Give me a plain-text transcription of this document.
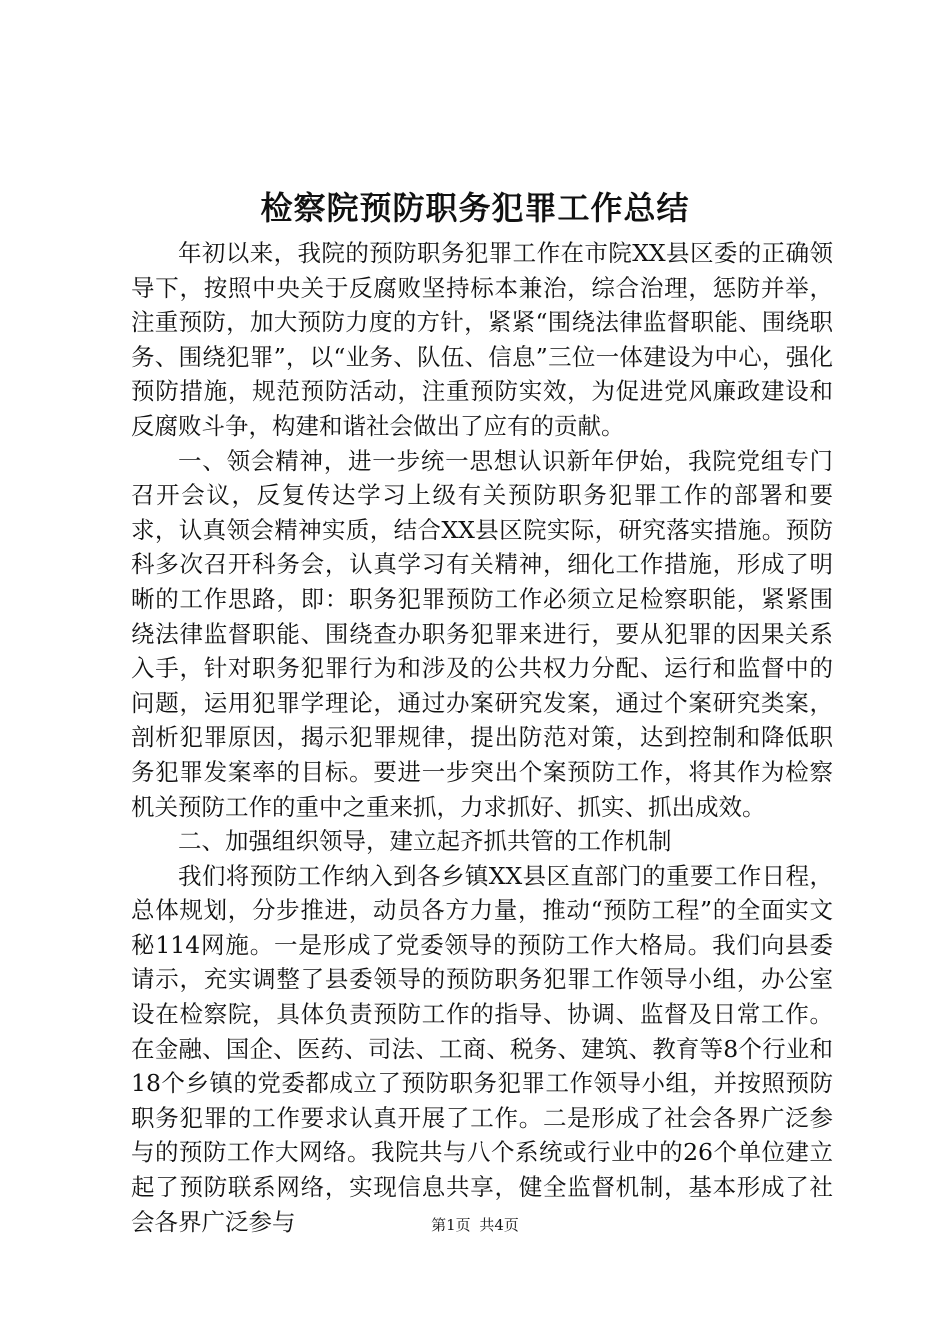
检察院预防职务犯罪工作总结

年初以来，我院的预防职务犯罪工作在市院XX县区委的正确领导下，按照中央关于反腐败坚持标本兼治，综合治理，惩防并举，注重预防，加大预防力度的方针，紧紧“围绕法律监督职能、围绕职务、围绕犯罪”，以“业务、队伍、信息”三位一体建设为中心，强化预防措施，规范预防活动，注重预防实效，为促进党风廉政建设和反腐败斗争，构建和谐社会做出了应有的贡献。

一、领会精神，进一步统一思想认识新年伊始，我院党组专门召开会议，反复传达学习上级有关预防职务犯罪工作的部署和要求，认真领会精神实质，结合XX县区院实际，研究落实措施。预防科多次召开科务会，认真学习有关精神，细化工作措施，形成了明晰的工作思路，即：职务犯罪预防工作必须立足检察职能，紧紧围绕法律监督职能、围绕查办职务犯罪来进行，要从犯罪的因果关系入手，针对职务犯罪行为和涉及的公共权力分配、运行和监督中的问题，运用犯罪学理论，通过办案研究发案，通过个案研究类案，剖析犯罪原因，揭示犯罪规律，提出防范对策，达到控制和降低职务犯罪发案率的目标。要进一步突出个案预防工作，将其作为检察机关预防工作的重中之重来抓，力求抓好、抓实、抓出成效。

二、加强组织领导，建立起齐抓共管的工作机制

我们将预防工作纳入到各乡镇XX县区直部门的重要工作日程，总体规划，分步推进，动员各方力量，推动“预防工程”的全面实文秘114网施。一是形成了党委领导的预防工作大格局。我们向县委请示，充实调整了县委领导的预防职务犯罪工作领导小组，办公室设在检察院，具体负责预防工作的指导、协调、监督及日常工作。在金融、国企、医药、司法、工商、税务、建筑、教育等8个行业和18个乡镇的党委都成立了预防职务犯罪工作领导小组，并按照预防职务犯罪的工作要求认真开展了工作。二是形成了社会各界广泛参与的预防工作大网络。我院共与八个系统或行业中的26个单位建立起了预防联系网络，实现信息共享，健全监督机制，基本形成了社会各界广泛参与	第1页 共4页
